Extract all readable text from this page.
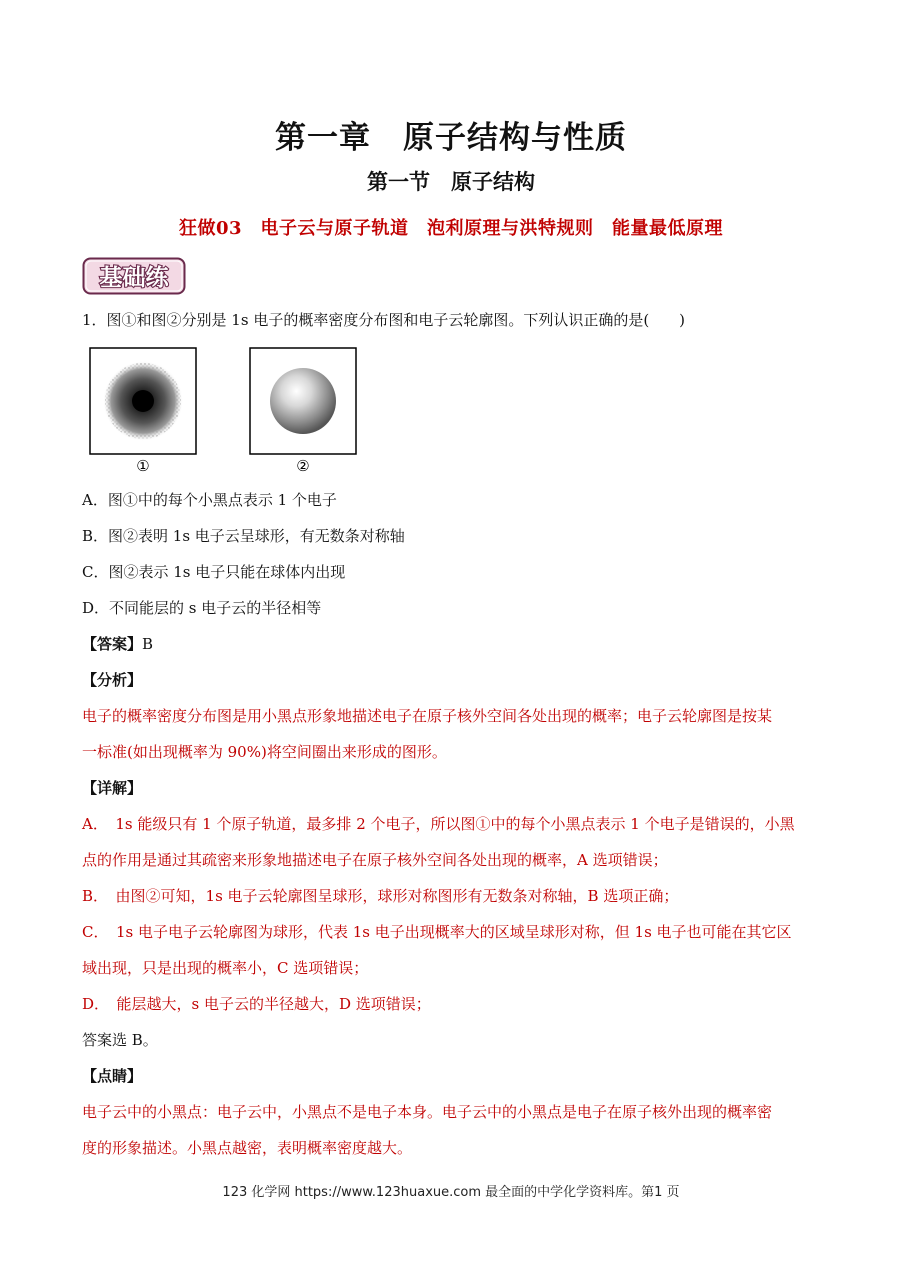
第一章　原子结构与性质
第一节　原子结构
狂做03　电子云与原子轨道　泡利原理与洪特规则　能量最低原理
基础练
1．图①和图②分别是 1s 电子的概率密度分布图和电子云轮廓图。下列认识正确的是(　　)
①	②
A．图①中的每个小黑点表示 1 个电子
B．图②表明 1s 电子云呈球形，有无数条对称轴
C．图②表示 1s 电子只能在球体内出现
D．不同能层的 s 电子云的半径相等
【答案】B
【分析】
电子的概率密度分布图是用小黑点形象地描述电子在原子核外空间各处出现的概率；电子云轮廓图是按某
一标准(如出现概率为 90%)将空间圈出来形成的图形。
【详解】
A．　1s 能级只有 1 个原子轨道，最多排 2 个电子，所以图①中的每个小黑点表示 1 个电子是错误的，小黑
点的作用是通过其疏密来形象地描述电子在原子核外空间各处出现的概率，A 选项错误；
B．　由图②可知，1s 电子云轮廓图呈球形，球形对称图形有无数条对称轴，B 选项正确；
C．　1s 电子电子云轮廓图为球形，代表 1s 电子出现概率大的区域呈球形对称，但 1s 电子也可能在其它区
域出现，只是出现的概率小，C 选项错误；
D．　能层越大，s 电子云的半径越大，D 选项错误；
答案选 B。
【点睛】
电子云中的小黑点：电子云中，小黑点不是电子本身。电子云中的小黑点是电子在原子核外出现的概率密
度的形象描述。小黑点越密，表明概率密度越大。
123 化学网 https://www.123huaxue.com 最全面的中学化学资料库。第1 页
